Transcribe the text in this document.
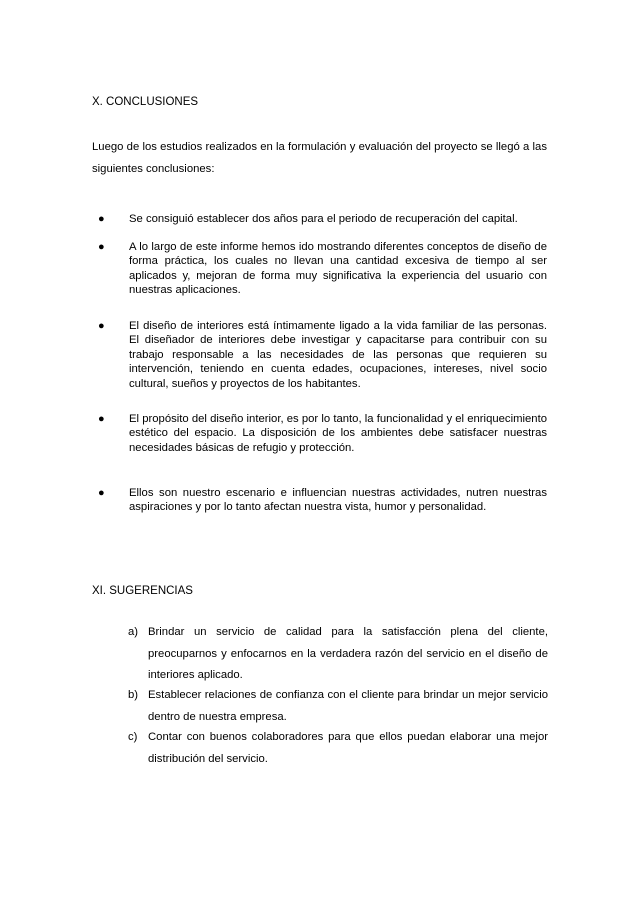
X. CONCLUSIONES
Luego de los estudios realizados en la formulación y evaluación del proyecto se llegó a las siguientes conclusiones:
● Se consiguió establecer dos años para el periodo de recuperación del capital.
● A lo largo de este informe hemos ido mostrando diferentes conceptos de diseño de forma práctica, los cuales no llevan una cantidad excesiva de tiempo al ser aplicados y, mejoran de forma muy significativa la experiencia del usuario con nuestras aplicaciones.
● El diseño de interiores está íntimamente ligado a la vida familiar de las personas. El diseñador de interiores debe investigar y capacitarse para contribuir con su trabajo responsable a las necesidades de las personas que requieren su intervención, teniendo en cuenta edades, ocupaciones, intereses, nivel socio cultural, sueños y proyectos de los habitantes.
● El propósito del diseño interior, es por lo tanto, la funcionalidad y el enriquecimiento estético del espacio. La disposición de los ambientes debe satisfacer nuestras necesidades básicas de refugio y protección.
● Ellos son nuestro escenario e influencian nuestras actividades, nutren nuestras aspiraciones y por lo tanto afectan nuestra vista, humor y personalidad.
XI. SUGERENCIAS
a) Brindar un servicio de calidad para la satisfacción plena del cliente, preocuparnos y enfocarnos en la verdadera razón del servicio en el diseño de interiores aplicado.
b) Establecer relaciones de confianza con el cliente para brindar un mejor servicio dentro de nuestra empresa.
c) Contar con buenos colaboradores para que ellos puedan elaborar una mejor distribución del servicio.
